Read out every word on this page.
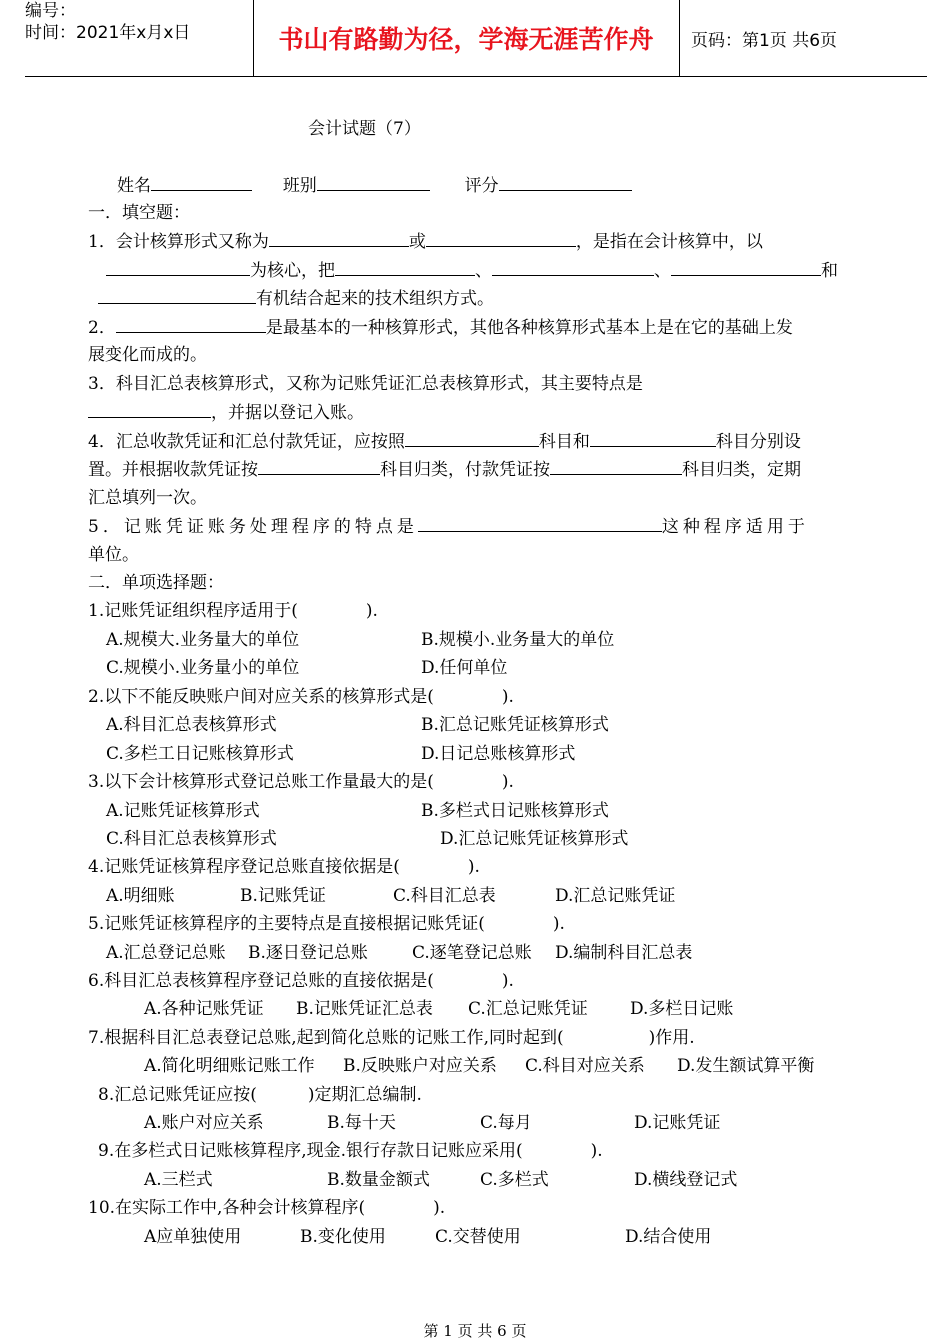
编号：
时间：2021年x月x日	书山有路勤为径，学海无涯苦作舟	页码：第1页 共6页
会计试题（7）
姓名	班别	评分
一．填空题：
1．会计核算形式又称为	或	，是指在会计核算中，以
为核心，把	、	、	和
有机结合起来的技术组织方式。
2．	是最基本的一种核算形式，其他各种核算形式基本上是在它的基础上发
展变化而成的。
3．科目汇总表核算形式，又称为记账凭证汇总表核算形式，其主要特点是
，并据以登记入账。
4．汇总收款凭证和汇总付款凭证，应按照	科目和	科目分别设
置。并根据收款凭证按	科目归类，付款凭证按	科目归类，定期
汇总填列一次。
5．记账凭证账务处理程序的特点是	这种程序适用于
单位。
二．单项选择题：
1.记账凭证组织程序适用于(　　　　).
A.规模大.业务量大的单位	B.规模小.业务量大的单位
C.规模小.业务量小的单位	D.任何单位
2.以下不能反映账户间对应关系的核算形式是(　　　　).
A.科目汇总表核算形式	B.汇总记账凭证核算形式
C.多栏工日记账核算形式	D.日记总账核算形式
3.以下会计核算形式登记总账工作量最大的是(　　　　).
A.记账凭证核算形式	B.多栏式日记账核算形式
C.科目汇总表核算形式	D.汇总记账凭证核算形式
4.记账凭证核算程序登记总账直接依据是(　　　　).
A.明细账	B.记账凭证	C.科目汇总表	D.汇总记账凭证
5.记账凭证核算程序的主要特点是直接根据记账凭证(　　　　).
A.汇总登记总账 B.逐日登记总账	C.逐笔登记总账 D.编制科目汇总表
6.科目汇总表核算程序登记总账的直接依据是(　　　　).
A.各种记账凭证 B.记账凭证汇总表 C.汇总记账凭证 D.多栏日记账
7.根据科目汇总表登记总账,起到简化总账的记账工作,同时起到(　　　　　)作用.
A.简化明细账记账工作 B.反映账户对应关系 C.科目对应关系 D.发生额试算平衡
8.汇总记账凭证应按(　　　)定期汇总编制.
A.账户对应关系	B.每十天	C.每月	D.记账凭证
9.在多栏式日记账核算程序,现金.银行存款日记账应采用(　　　　).
A.三栏式	B.数量金额式	C.多栏式	D.横线登记式
10.在实际工作中,各种会计核算程序(　　　　).
A应单独使用	B.变化使用	C.交替使用	D.结合使用
第 1 页 共 6 页
